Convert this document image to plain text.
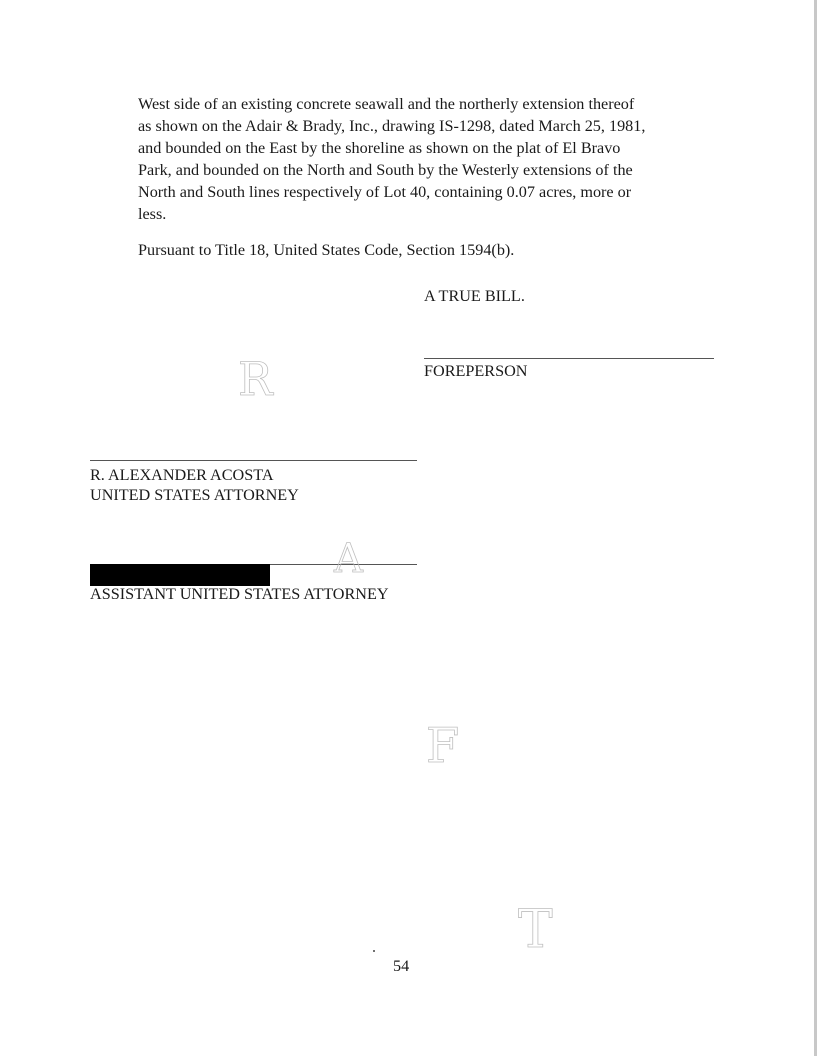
West side of an existing concrete seawall and the northerly extension thereof
as shown on the Adair & Brady, Inc., drawing IS-1298, dated March 25, 1981,
and bounded on the East by the shoreline as shown on the plat of El Bravo
Park, and bounded on the North and South by the Westerly extensions of the
North and South lines respectively of Lot 40, containing 0.07 acres, more or
less.

Pursuant to Title 18, United States Code, Section 1594(b).

A TRUE BILL.

FOREPERSON

R. ALEXANDER ACOSTA
UNITED STATES ATTORNEY

ASSISTANT UNITED STATES ATTORNEY

R
A
F
T

54
